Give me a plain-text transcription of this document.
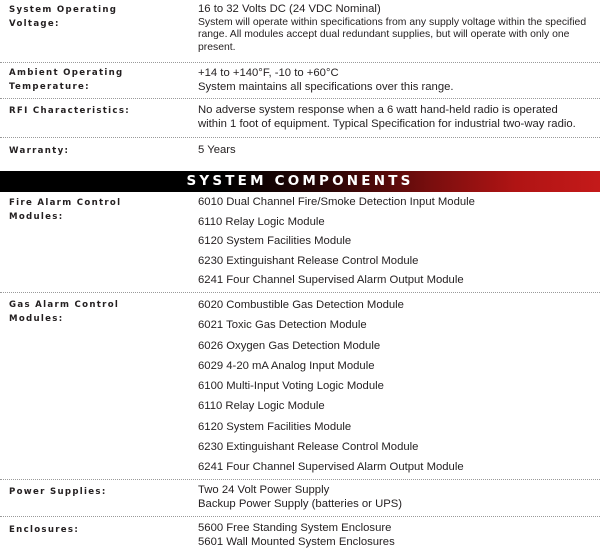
System Operating
Voltage:
16 to 32 Volts DC (24 VDC Nominal)
System will operate within specifications from any supply voltage within the specified
range. All modules accept dual redundant supplies, but will operate with only one
present.
Ambient Operating
Temperature:
+14 to +140°F, -10 to +60°C
System maintains all specifications over this range.
RFI Characteristics:	No adverse system response when a 6 watt hand-held radio is operated
within 1 foot of equipment. Typical Specification for industrial two-way radio.
Warranty:	5 Years
SYSTEM COMPONENTS
Fire Alarm Control
Modules:
6010 Dual Channel Fire/Smoke Detection Input Module
6110 Relay Logic Module
6120 System Facilities Module
6230 Extinguishant Release Control Module
6241 Four Channel Supervised Alarm Output Module
Gas Alarm Control
Modules:
6020 Combustible Gas Detection Module
6021 Toxic Gas Detection Module
6026 Oxygen Gas Detection Module
6029 4-20 mA Analog Input Module
6100 Multi-Input Voting Logic Module
6110 Relay Logic Module
6120 System Facilities Module
6230 Extinguishant Release Control Module
6241 Four Channel Supervised Alarm Output Module
Power Supplies:	Two 24 Volt Power Supply
Backup Power Supply (batteries or UPS)
Enclosures:	5600 Free Standing System Enclosure
5601 Wall Mounted System Enclosures
